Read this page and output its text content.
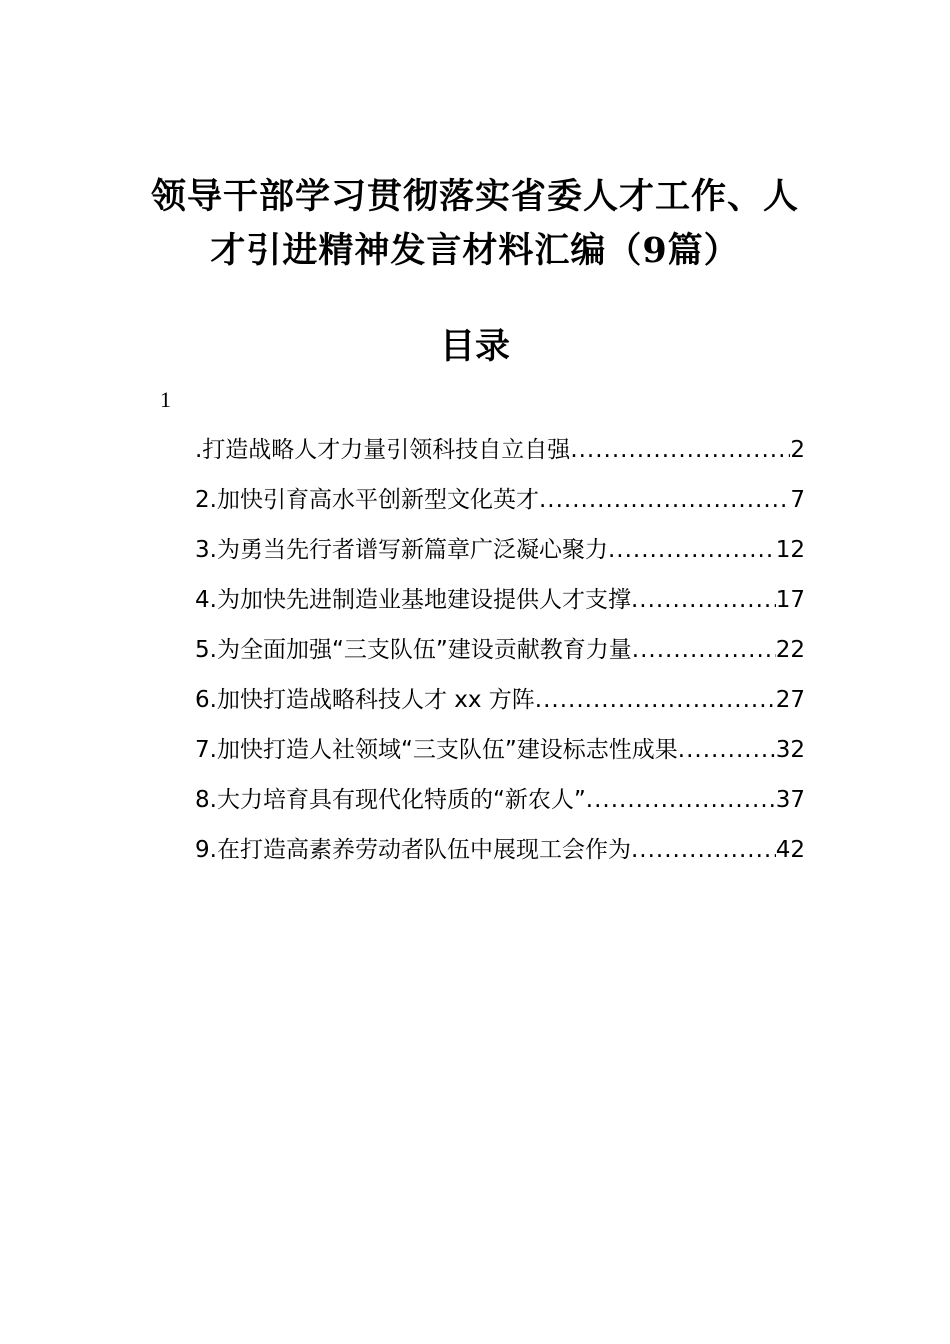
领导干部学习贯彻落实省委人才工作、人
才引进精神发言材料汇编（9篇）
目录
1
.打造战略人才力量引领科技自立自强 .....	2
2.加快引育高水平创新型文化英才 .....	7
3.为勇当先行者谱写新篇章广泛凝心聚力 .....	12
4.为加快先进制造业基地建设提供人才支撑 .....	17
5.为全面加强“三支队伍”建设贡献教育力量 .....	22
6.加快打造战略科技人才 xx 方阵 .....	27
7.加快打造人社领域“三支队伍”建设标志性成果 .....	32
8.大力培育具有现代化特质的“新农人” .....	37
9.在打造高素养劳动者队伍中展现工会作为 .....	42
